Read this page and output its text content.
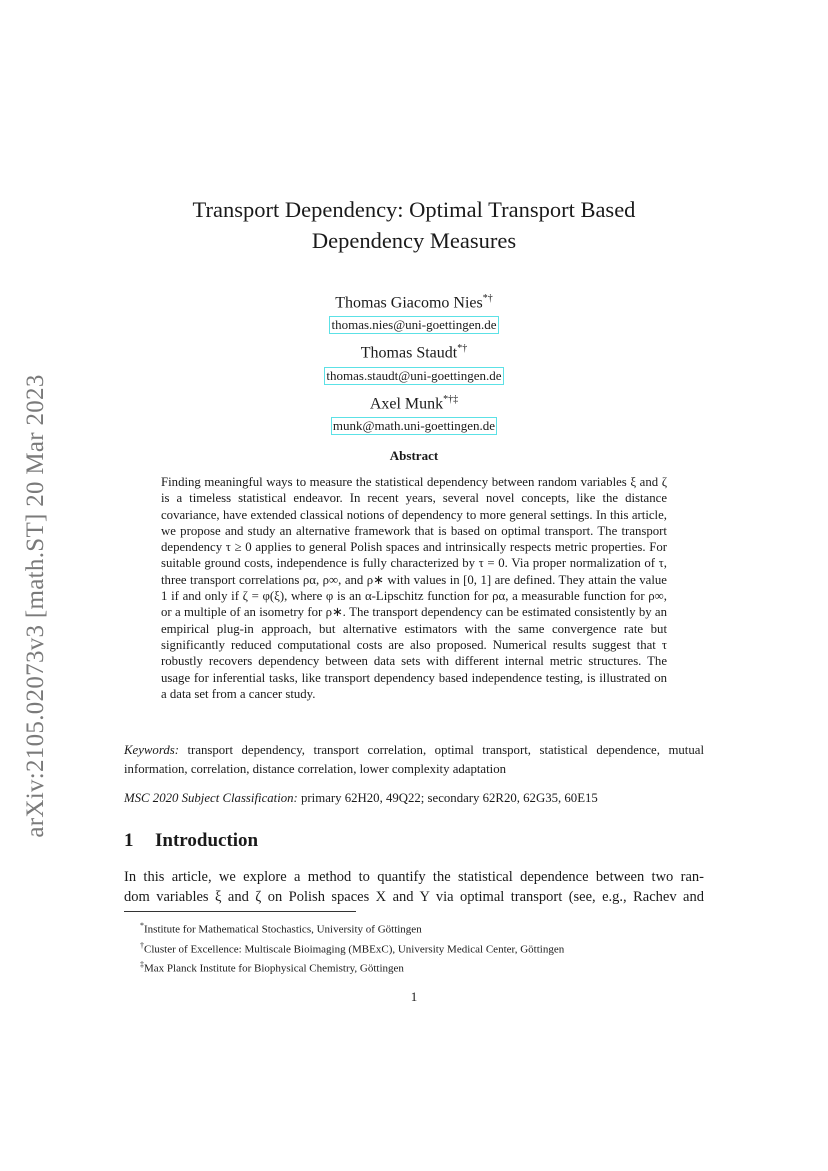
arXiv:2105.02073v3 [math.ST] 20 Mar 2023
Transport Dependency: Optimal Transport Based
Dependency Measures
Thomas Giacomo Nies*†
thomas.nies@uni-goettingen.de
Thomas Staudt*†
thomas.staudt@uni-goettingen.de
Axel Munk*†‡
munk@math.uni-goettingen.de
Abstract

Finding meaningful ways to measure the statistical dependency between random variables ξ and ζ is a timeless statistical endeavor. In recent years, several novel concepts, like the distance covariance, have extended classical notions of dependency to more general settings. In this article, we propose and study an alternative framework that is based on optimal transport. The transport dependency τ ≥ 0 applies to general Polish spaces and intrinsically respects metric properties. For suitable ground costs, independence is fully characterized by τ = 0. Via proper normalization of τ, three transport correlations ρα, ρ∞, and ρ∗ with values in [0, 1] are defined. They attain the value 1 if and only if ζ = φ(ξ), where φ is an α-Lipschitz function for ρα, a measurable function for ρ∞, or a multiple of an isometry for ρ∗. The transport dependency can be estimated consistently by an empirical plug-in approach, but alternative estimators with the same convergence rate but significantly reduced computational costs are also proposed. Numerical results suggest that τ robustly recovers dependency between data sets with different internal metric structures. The usage for inferential tasks, like transport dependency based independence testing, is illustrated on a data set from a cancer study.

Keywords: transport dependency, transport correlation, optimal transport, statistical dependence, mutual information, correlation, distance correlation, lower complexity adaptation
MSC 2020 Subject Classification: primary 62H20, 49Q22; secondary 62R20, 62G35, 60E15
1 Introduction
In this article, we explore a method to quantify the statistical dependence between two ran-
dom variables ξ and ζ on Polish spaces X and Y via optimal transport (see, e.g., Rachev and
*Institute for Mathematical Stochastics, University of Göttingen
†Cluster of Excellence: Multiscale Bioimaging (MBExC), University Medical Center, Göttingen
‡Max Planck Institute for Biophysical Chemistry, Göttingen
1
